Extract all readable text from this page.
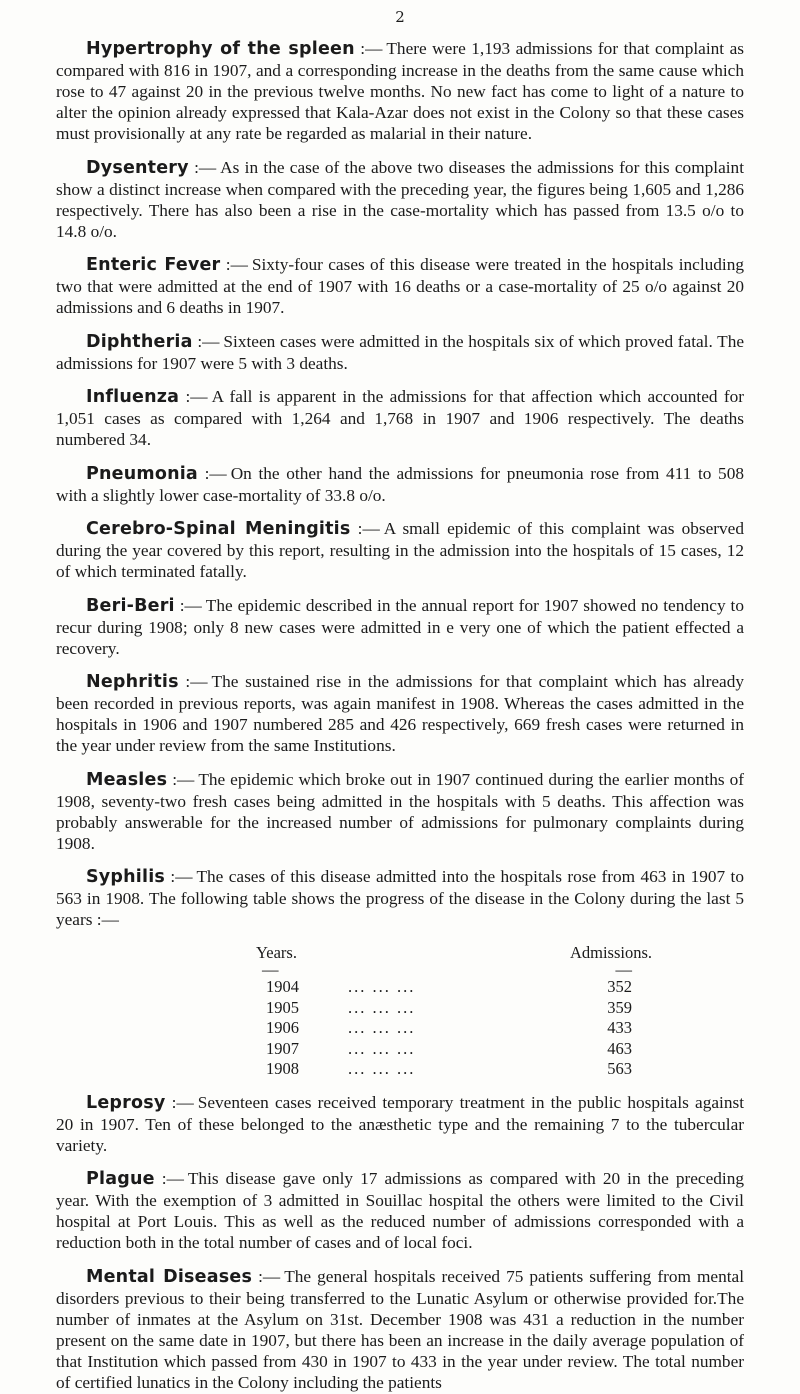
2

Hypertrophy of the spleen :— There were 1,193 admissions for that complaint as compared with 816 in 1907, and a corresponding increase in the deaths from the same cause which rose to 47 against 20 in the previous twelve months. No new fact has come to light of a nature to alter the opinion already expressed that Kala-Azar does not exist in the Colony so that these cases must provisionally at any rate be regarded as malarial in their nature.

Dysentery :— As in the case of the above two diseases the admissions for this complaint show a distinct increase when compared with the preceding year, the figures being 1,605 and 1,286 respectively. There has also been a rise in the case-mortality which has passed from 13.5 o/o to 14.8 o/o.

Enteric Fever :— Sixty-four cases of this disease were treated in the hospitals including two that were admitted at the end of 1907 with 16 deaths or a case-mortality of 25 o/o against 20 admissions and 6 deaths in 1907.

Diphtheria :— Sixteen cases were admitted in the hospitals six of which proved fatal. The admissions for 1907 were 5 with 3 deaths.

Influenza :— A fall is apparent in the admissions for that affection which accounted for 1,051 cases as compared with 1,264 and 1,768 in 1907 and 1906 respectively. The deaths numbered 34.

Pneumonia :— On the other hand the admissions for pneumonia rose from 411 to 508 with a slightly lower case-mortality of 33.8 o/o.

Cerebro-Spinal Meningitis :— A small epidemic of this complaint was observed during the year covered by this report, resulting in the admission into the hospitals of 15 cases, 12 of which terminated fatally.

Beri-Beri :— The epidemic described in the annual report for 1907 showed no tendency to recur during 1908; only 8 new cases were admitted in e very one of which the patient effected a recovery.

Nephritis :— The sustained rise in the admissions for that complaint which has already been recorded in previous reports, was again manifest in 1908. Whereas the cases admitted in the hospitals in 1906 and 1907 numbered 285 and 426 respectively, 669 fresh cases were returned in the year under review from the same Institutions.

Measles :— The epidemic which broke out in 1907 continued during the earlier months of 1908, seventy-two fresh cases being admitted in the hospitals with 5 deaths. This affection was probably answerable for the increased number of admissions for pulmonary complaints during 1908.

Syphilis :— The cases of this disease admitted into the hospitals rose from 463 in 1907 to 563 in 1908. The following table shows the progress of the disease in the Colony during the last 5 years :—

Years.	Admissions.
—	—
1904	... ... ...	352
1905	... ... ...	359
1906	... ... ...	433
1907	... ... ...	463
1908	... ... ...	563

Leprosy :— Seventeen cases received temporary treatment in the public hospitals against 20 in 1907. Ten of these belonged to the anæsthetic type and the remaining 7 to the tubercular variety.

Plague :— This disease gave only 17 admissions as compared with 20 in the preceding year. With the exemption of 3 admitted in Souillac hospital the others were limited to the Civil hospital at Port Louis. This as well as the reduced number of admissions corresponded with a reduction both in the total number of cases and of local foci.

Mental Diseases :— The general hospitals received 75 patients suffering from mental disorders previous to their being transferred to the Lunatic Asylum or otherwise provided for.The number of inmates at the Asylum on 31st. December 1908 was 431 a reduction in the number present on the same date in 1907, but there has been an increase in the daily average population of that Institution which passed from 430 in 1907 to 433 in the year under review. The total number of certified lunatics in the Colony including the patients
